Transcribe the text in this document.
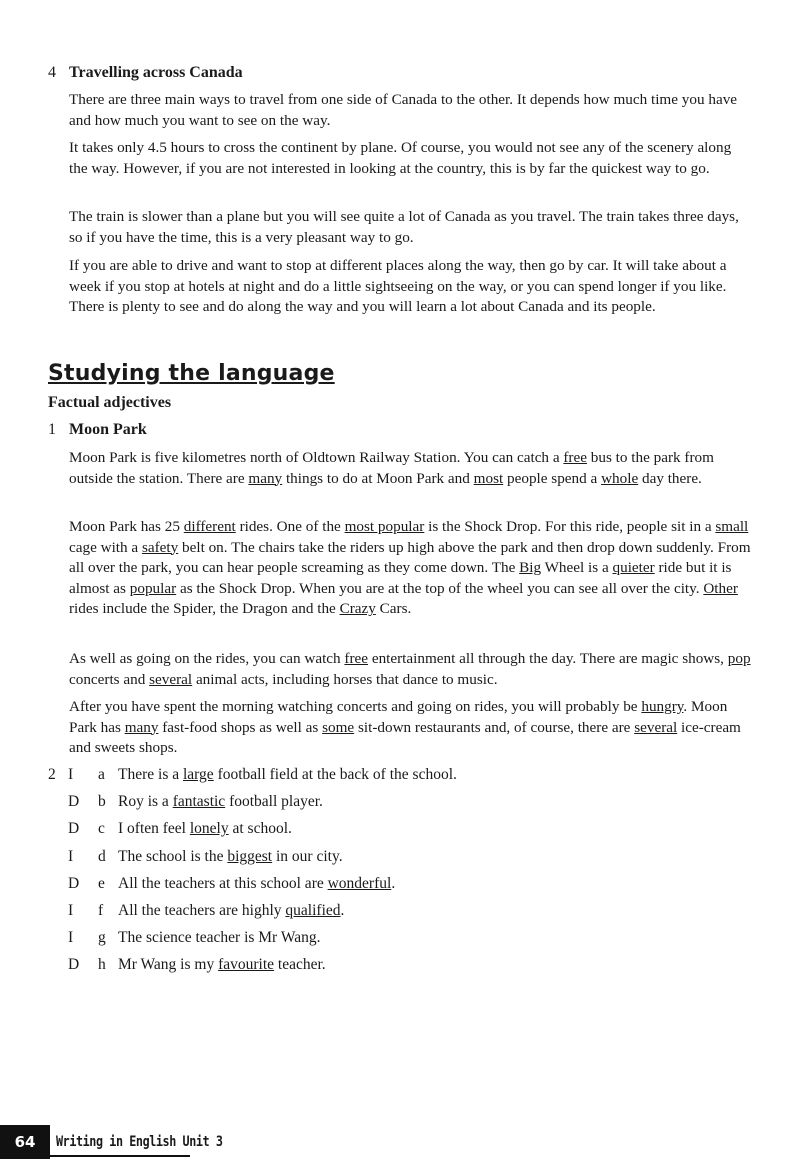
4 Travelling across Canada

There are three main ways to travel from one side of Canada to the other. It depends how much time you have and how much you want to see on the way.

It takes only 4.5 hours to cross the continent by plane. Of course, you would not see any of the scenery along the way. However, if you are not interested in looking at the country, this is by far the quickest way to go.

The train is slower than a plane but you will see quite a lot of Canada as you travel. The train takes three days, so if you have the time, this is a very pleasant way to go.

If you are able to drive and want to stop at different places along the way, then go by car. It will take about a week if you stop at hotels at night and do a little sightseeing on the way, or you can spend longer if you like. There is plenty to see and do along the way and you will learn a lot about Canada and its people.

Studying the language
Factual adjectives
1 Moon Park

Moon Park is five kilometres north of Oldtown Railway Station. You can catch a free bus to the park from outside the station. There are many things to do at Moon Park and most people spend a whole day there.

Moon Park has 25 different rides. One of the most popular is the Shock Drop. For this ride, people sit in a small cage with a safety belt on. The chairs take the riders up high above the park and then drop down suddenly. From all over the park, you can hear people screaming as they come down. The Big Wheel is a quieter ride but it is almost as popular as the Shock Drop. When you are at the top of the wheel you can see all over the city. Other rides include the Spider, the Dragon and the Crazy Cars.

As well as going on the rides, you can watch free entertainment all through the day. There are magic shows, pop concerts and several animal acts, including horses that dance to music.

After you have spent the morning watching concerts and going on rides, you will probably be hungry. Moon Park has many fast-food shops as well as some sit-down restaurants and, of course, there are several ice-cream and sweets shops.

2 I	a There is a large football field at the back of the school.
D	b Roy is a fantastic football player.
D	c I often feel lonely at school.
I	d The school is the biggest in our city.
D	e All the teachers at this school are wonderful.
I	f All the teachers are highly qualified.
I	g The science teacher is Mr Wang.
D	h Mr Wang is my favourite teacher.
64	Writing in English Unit 3
